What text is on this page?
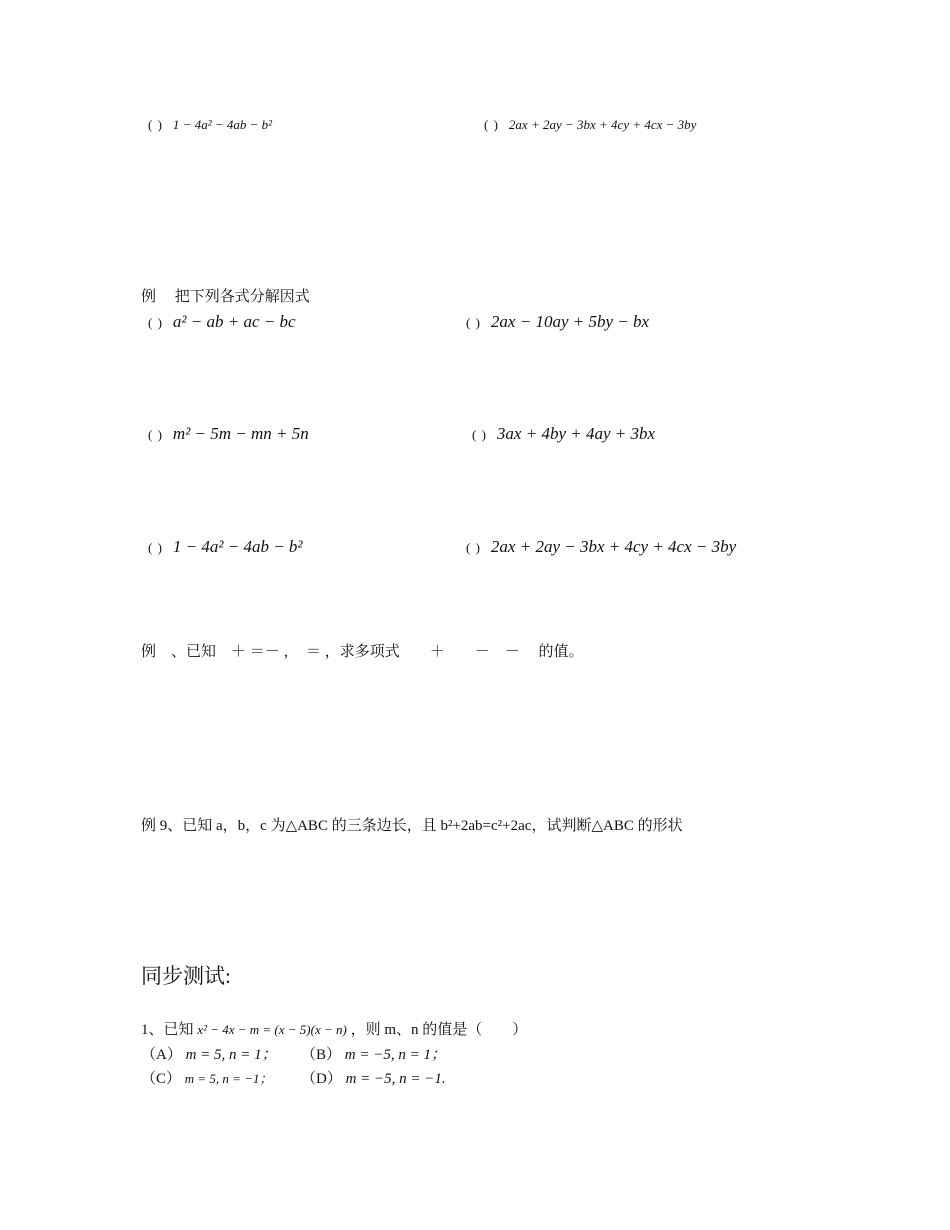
( ) 1 − 4a² − 4ab − b²	( ) 2ax + 2ay − 3bx + 4cy + 4cx − 3by
例　 把下列各式分解因式
( ) a² − ab + ac − bc	( ) 2ax − 10ay + 5by − bx
( ) m² − 5m − mn + 5n	( ) 3ax + 4by + 4ay + 3bx
( ) 1 − 4a² − 4ab − b²	( ) 2ax + 2ay − 3bx + 4cy + 4cx − 3by
例　、已知　＋ ＝－ ，　＝ ，求多项式　　＋　　－　－　 的值。
例 9、已知 a，b，c 为△ABC 的三条边长，且 b²+2ab=c²+2ac，试判断△ABC 的形状
同步测试:
1、已知 x² − 4x − m = (x − 5)(x − n) ，则 m、n 的值是（　　）
（A） m = 5, n = 1； （B） m = −5, n = 1；
（C） m = 5, n = −1； （D） m = −5, n = −1.
